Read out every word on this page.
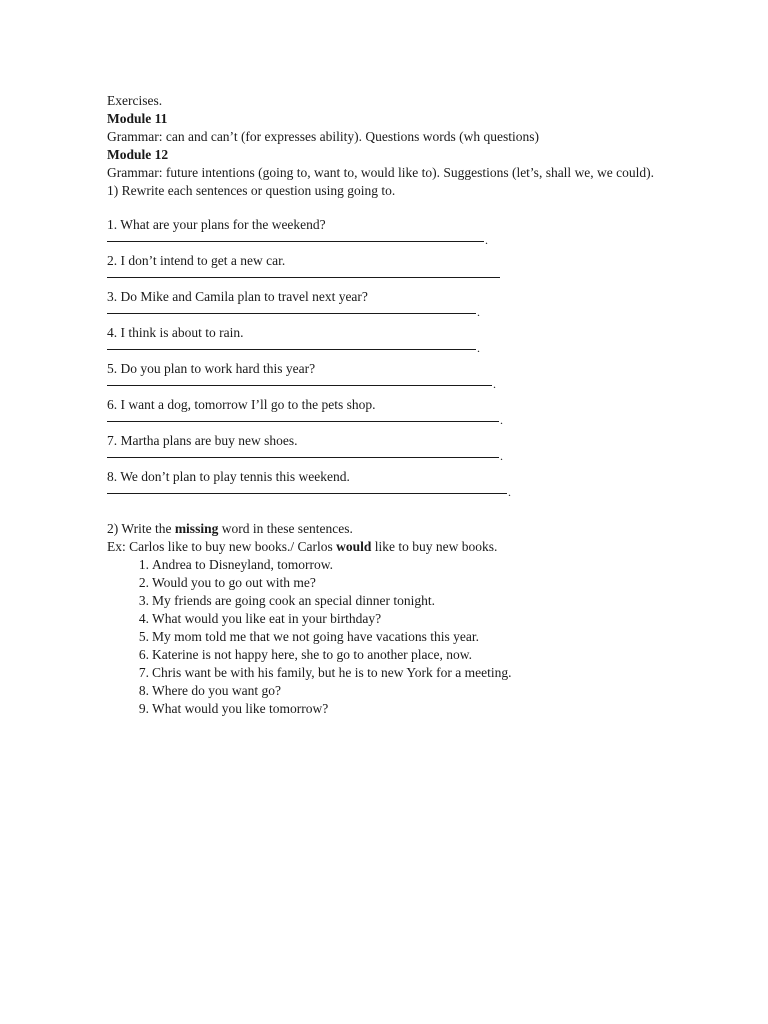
Exercises.
Module 11
Grammar: can and can’t (for expresses ability). Questions words (wh questions)
Module 12
Grammar: future intentions (going to, want to, would like to). Suggestions (let’s, shall we, we could).
1) Rewrite each sentences or question using going to.
1. What are your plans for the weekend?
.
2. I don’t intend to get a new car.
3. Do Mike and Camila plan to travel next year?
.
4. I think is about to rain.
.
5. Do you plan to work hard this year?
.
6. I want a dog, tomorrow I’ll go to the pets shop.
.
7. Martha plans are buy new shoes.
.
8. We don’t plan to play tennis this weekend.
.
2) Write the missing word in these sentences.
Ex: Carlos like to buy new books./ Carlos would like to buy new books.
1. Andrea to Disneyland, tomorrow.
2. Would you to go out with me?
3. My friends are going cook an special dinner tonight.
4. What would you like eat in your birthday?
5. My mom told me that we not going have vacations this year.
6. Katerine is not happy here, she to go to another place, now.
7. Chris want be with his family, but he is to new York for a meeting.
8. Where do you want go?
9. What would you like tomorrow?
